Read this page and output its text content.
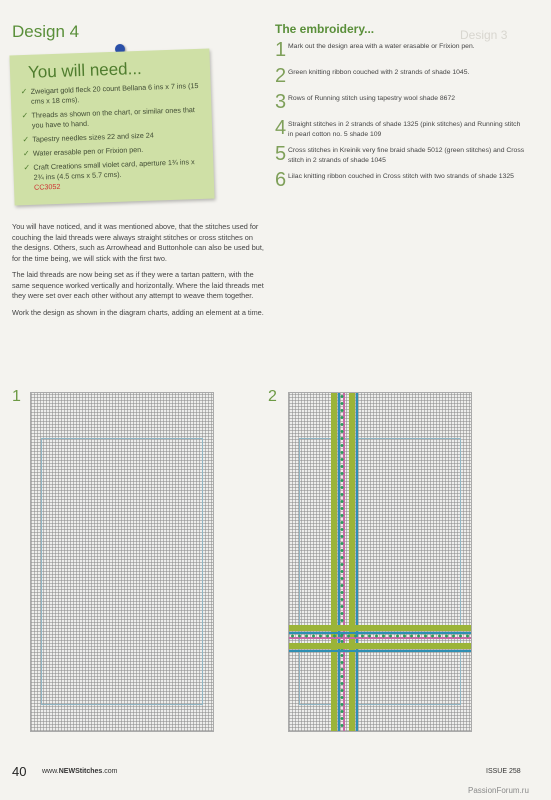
Design 4
You will need...
✓ Zweigart gold fleck 20 count Bellana 6 ins x 7 ins (15 cms x 18 cms).
✓ Threads as shown on the chart, or similar ones that you have to hand.
✓ Tapestry needles sizes 22 and size 24
✓ Water erasable pen or Frixion pen.
✓ Craft Creations small violet card, aperture 1¾ ins x 2¾ ins (4.5 cms x 5.7 cms).
CC3052

You will have noticed, and it was mentioned above, that the stitches used for couching the laid threads were always straight stitches or cross stitches on the designs. Others, such as Arrowhead and Buttonhole can also be used but, for the time being, we will stick with the first two.

The laid threads are now being set as if they were a tartan pattern, with the same sequence worked vertically and horizontally. Where the laid threads met they were set over each other without any attempt to weave them together.

Work the design as shown in the diagram charts, adding an element at a time.

Design 3
The embroidery...
1 Mark out the design area with a water erasable or Frixion pen.
2 Green knitting ribbon couched with 2 strands of shade 1045.
3 Rows of Running stitch using tapestry wool shade 8672
4 Straight stitches in 2 strands of shade 1325 (pink stitches) and Running stitch in pearl cotton no. 5 shade 109
5 Cross stitches in Kreinik very fine braid shade 5012 (green stitches) and Cross stitch in 2 strands of shade 1045
6 Lilac knitting ribbon couched in Cross stitch with two strands of shade 1325
1	2
40 www.NEWStitches.com	ISSUE 258
PassionForum.ru
